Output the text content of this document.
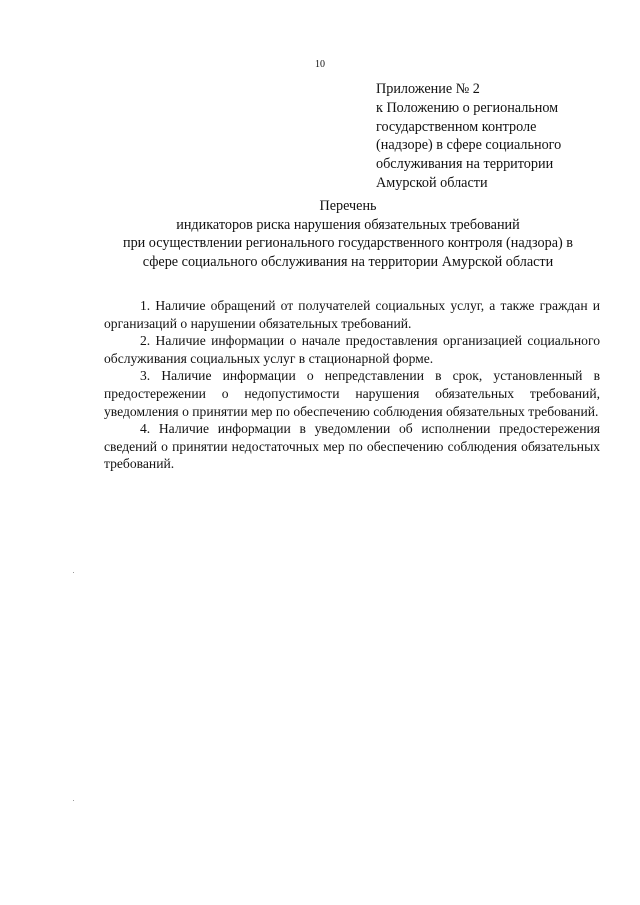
10
Приложение № 2
к Положению о региональном
государственном контроле
(надзоре) в сфере социального
обслуживания на территории
Амурской области
Перечень
индикаторов риска нарушения обязательных требований
при осуществлении регионального государственного контроля (надзора) в
сфере социального обслуживания на территории Амурской области

1. Наличие обращений от получателей социальных услуг, а также граждан и организаций о нарушении обязательных требований.

2. Наличие информации о начале предоставления организацией социального обслуживания социальных услуг в стационарной форме.

3. Наличие информации о непредставлении в срок, установленный в предостережении о недопустимости нарушения обязательных требований, уведомления о принятии мер по обеспечению соблюдения обязательных требований.

4. Наличие информации в уведомлении об исполнении предостережения сведений о принятии недостаточных мер по обеспечению соблюдения обязательных требований.
